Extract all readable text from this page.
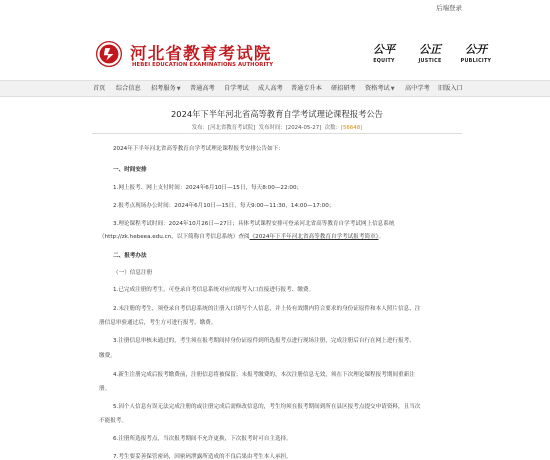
后端登录
河北省教育考试院
HEBEI EDUCATION EXAMINATIONS AUTHORITY
公平
EQUITY
公正
JUSTICE
公开
PUBLICITY
首页 综合信息 招考服务▼ 普通高考 自学考试 成人高考 普通专升本 研招研考 资格考试▼ 高中学考 旧版入口
2024年下半年河北省高等教育自学考试理论课程报考公告
发布：[河北省教育考试院] 发布时间：[2024-05-27] 次数：[56648]
2024年下半年河北省高等教育自学考试理论课程报考安排公告如下：
一、时间安排
1.网上报考、网上支付时间：2024年6月10日—15日，每天8:00—22:00；
2.报考点现场办公时间：2024年6月10日—15日，每天9:00—11:30，14:00—17:00；
3.理论课程考试时间：2024年10月26日—27日；具体考试课程安排可登录河北省高等教育自学考试网上信息系统
（http://zk.hebeea.edu.cn，以下简称自考信息系统）查阅《2024年下半年河北省高等教育自学考试报考简章》。
二、报考办法
（一）信息注册
1.已完成注册的考生，可登录自考信息系统对应的报考入口直接进行报考、缴费。
2.未注册的考生，须登录自考信息系统的注册入口填写个人信息，并上传有效期内符合要求的身份证原件和本人照片信息，注
册信息审验通过后，考生方可进行报考、缴费。
3.注册信息审核未通过的，考生须在报考期间持身份证原件到所选报考点进行现场注册，完成注册后自行在网上进行报考、
缴费。
4.新生注册完成后报考缴费前，注册信息将被保留；未报考缴费的，本次注册信息无效，须在下次理论课程报考期间重新注
册。
5.因个人信息有误无法完成注册的或注册完成后需修改信息的，考生均须在报考期间到所在县区报考点提交申请资料，且当次
不能报考。
6.注册所选报考点，当次报考期间不允许更换，下次报考时可自主选择。
7.考生要妥善保管密码，因密码泄露所造成的不良后果由考生本人承担。
